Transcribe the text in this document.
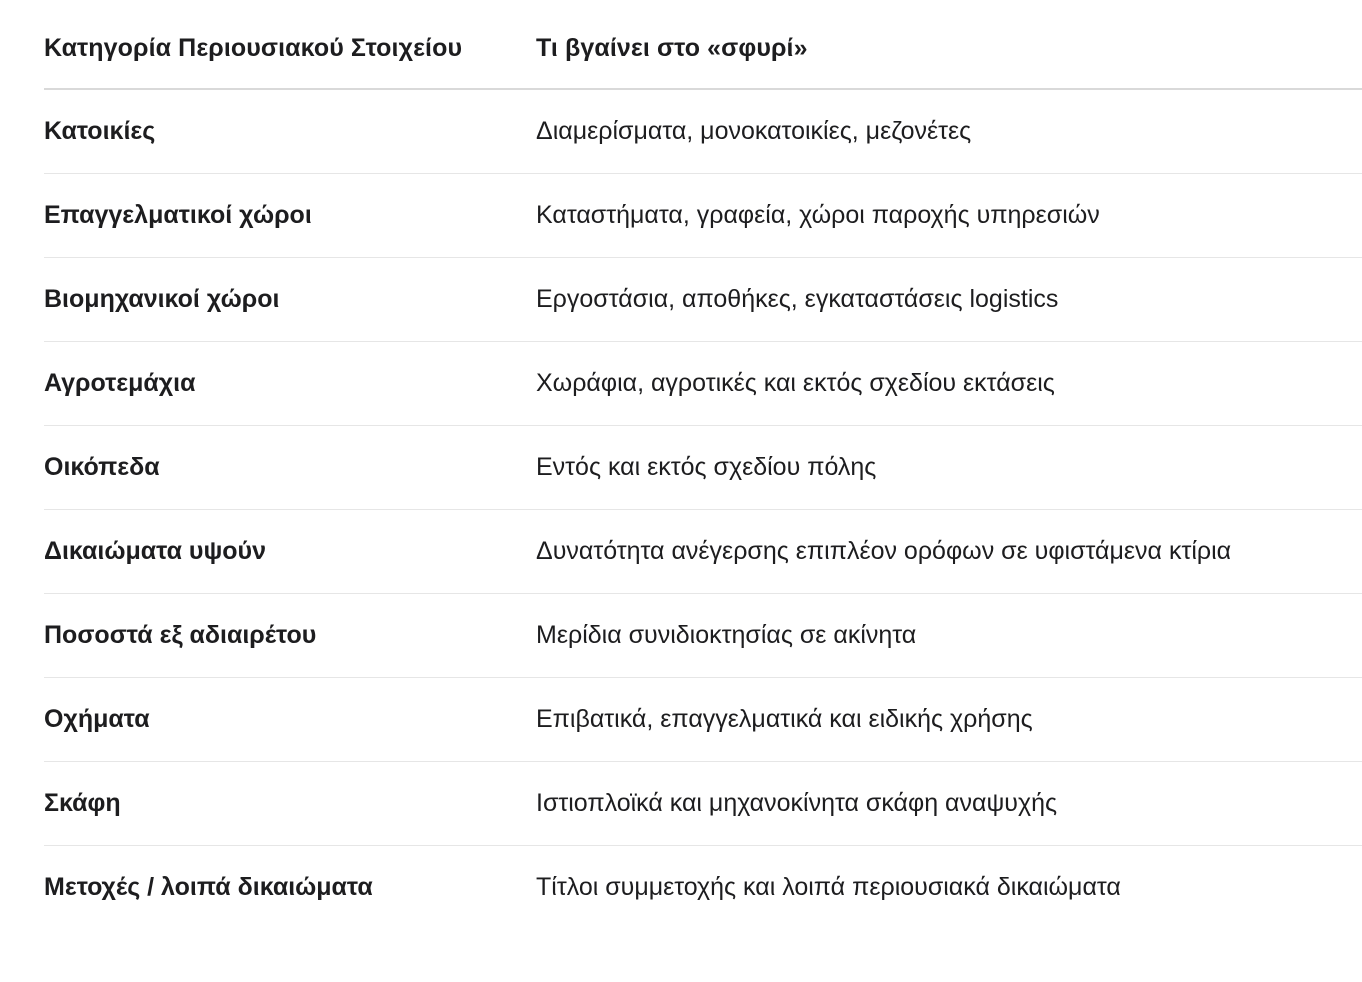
Κατηγορία Περιουσιακού Στοιχείου	Τι βγαίνει στο «σφυρί»
Κατοικίες	Διαμερίσματα, μονοκατοικίες, μεζονέτες
Επαγγελματικοί χώροι	Καταστήματα, γραφεία, χώροι παροχής υπηρεσιών
Βιομηχανικοί χώροι	Εργοστάσια, αποθήκες, εγκαταστάσεις logistics
Αγροτεμάχια	Χωράφια, αγροτικές και εκτός σχεδίου εκτάσεις
Οικόπεδα	Εντός και εκτός σχεδίου πόλης
Δικαιώματα υψούν	Δυνατότητα ανέγερσης επιπλέον ορόφων σε υφιστάμενα κτίρια
Ποσοστά εξ αδιαιρέτου	Μερίδια συνιδιοκτησίας σε ακίνητα
Οχήματα	Επιβατικά, επαγγελματικά και ειδικής χρήσης
Σκάφη	Ιστιοπλοϊκά και μηχανοκίνητα σκάφη αναψυχής
Μετοχές / λοιπά δικαιώματα	Τίτλοι συμμετοχής και λοιπά περιουσιακά δικαιώματα
